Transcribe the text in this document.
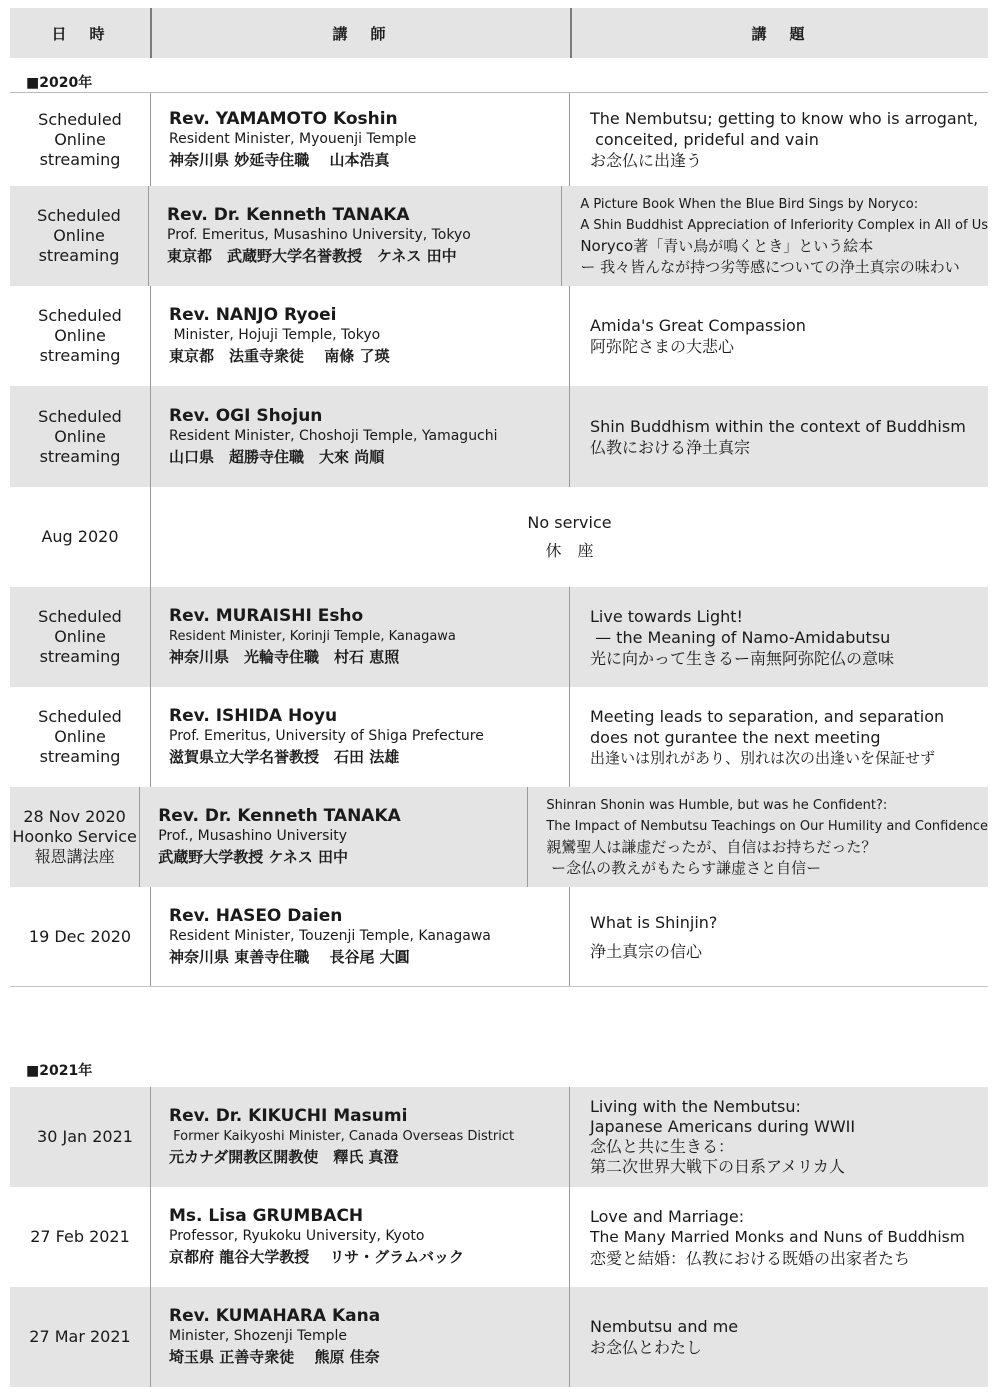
日　時	講　師	講　題
■2020年
Scheduled
Online
streaming
Rev. YAMAMOTO Koshin
Resident Minister, Myouenji Temple
神奈川県 妙延寺住職　 山本浩真
The Nembutsu; getting to know who is arrogant,
conceited, prideful and vain
お念仏に出逢う
Scheduled
Online
streaming
Rev. Dr. Kenneth TANAKA
Prof. Emeritus, Musashino University, Tokyo
東京都　武蔵野大学名誉教授　ケネス 田中
A Picture Book When the Blue Bird Sings by Noryco:
A Shin Buddhist Appreciation of Inferiority Complex in All of Us
Noryco著「青い鳥が鳴くとき」という絵本
ー 我々皆んなが持つ劣等感についての浄土真宗の味わい
Scheduled
Online
streaming
Rev. NANJO Ryoei
Minister, Hojuji Temple, Tokyo
東京都　法重寺衆徒　 南條 了瑛
Amida's Great Compassion
阿弥陀さまの大悲心
Scheduled
Online
streaming
Rev. OGI Shojun
Resident Minister, Choshoji Temple, Yamaguchi
山口県　超勝寺住職　大來 尚順
Shin Buddhism within the context of Buddhism
仏教における浄土真宗
Aug 2020
No service
休　座
Scheduled
Online
streaming
Rev. MURAISHI Esho
Resident Minister, Korinji Temple, Kanagawa
神奈川県　光輪寺住職　村石 恵照
Live towards Light!
— the Meaning of Namo-Amidabutsu
光に向かって生きるー南無阿弥陀仏の意味
Scheduled
Online
streaming
Rev. ISHIDA Hoyu
Prof. Emeritus, University of Shiga Prefecture
滋賀県立大学名誉教授　石田 法雄
Meeting leads to separation, and separation
does not gurantee the next meeting
出逢いは別れがあり、別れは次の出逢いを保証せず
28 Nov 2020
Hoonko Service
報恩講法座
Rev. Dr. Kenneth TANAKA
Prof., Musashino University
武蔵野大学教授 ケネス 田中
Shinran Shonin was Humble, but was he Confident?:
The Impact of Nembutsu Teachings on Our Humility and Confidence
親鸞聖人は謙虚だったが、自信はお持ちだった？
ー念仏の教えがもたらす謙虚さと自信ー
19 Dec 2020
Rev. HASEO Daien
Resident Minister, Touzenji Temple, Kanagawa
神奈川県 東善寺住職　 長谷尾 大圓
What is Shinjin?
浄土真宗の信心
■2021年
30 Jan 2021
Rev. Dr. KIKUCHI Masumi
Former Kaikyoshi Minister, Canada Overseas District
元カナダ開教区開教使　釋氏 真澄
Living with the Nembutsu:
Japanese Americans during WWII
念仏と共に生きる：
第二次世界大戦下の日系アメリカ人
27 Feb 2021
Ms. Lisa GRUMBACH
Professor, Ryukoku University, Kyoto
京都府 龍谷大学教授　 リサ・グラムバック
Love and Marriage:
The Many Married Monks and Nuns of Buddhism
恋愛と結婚：仏教における既婚の出家者たち
27 Mar 2021
Rev. KUMAHARA Kana
Minister, Shozenji Temple
埼玉県 正善寺衆徒　 熊原 佳奈
Nembutsu and me
お念仏とわたし
